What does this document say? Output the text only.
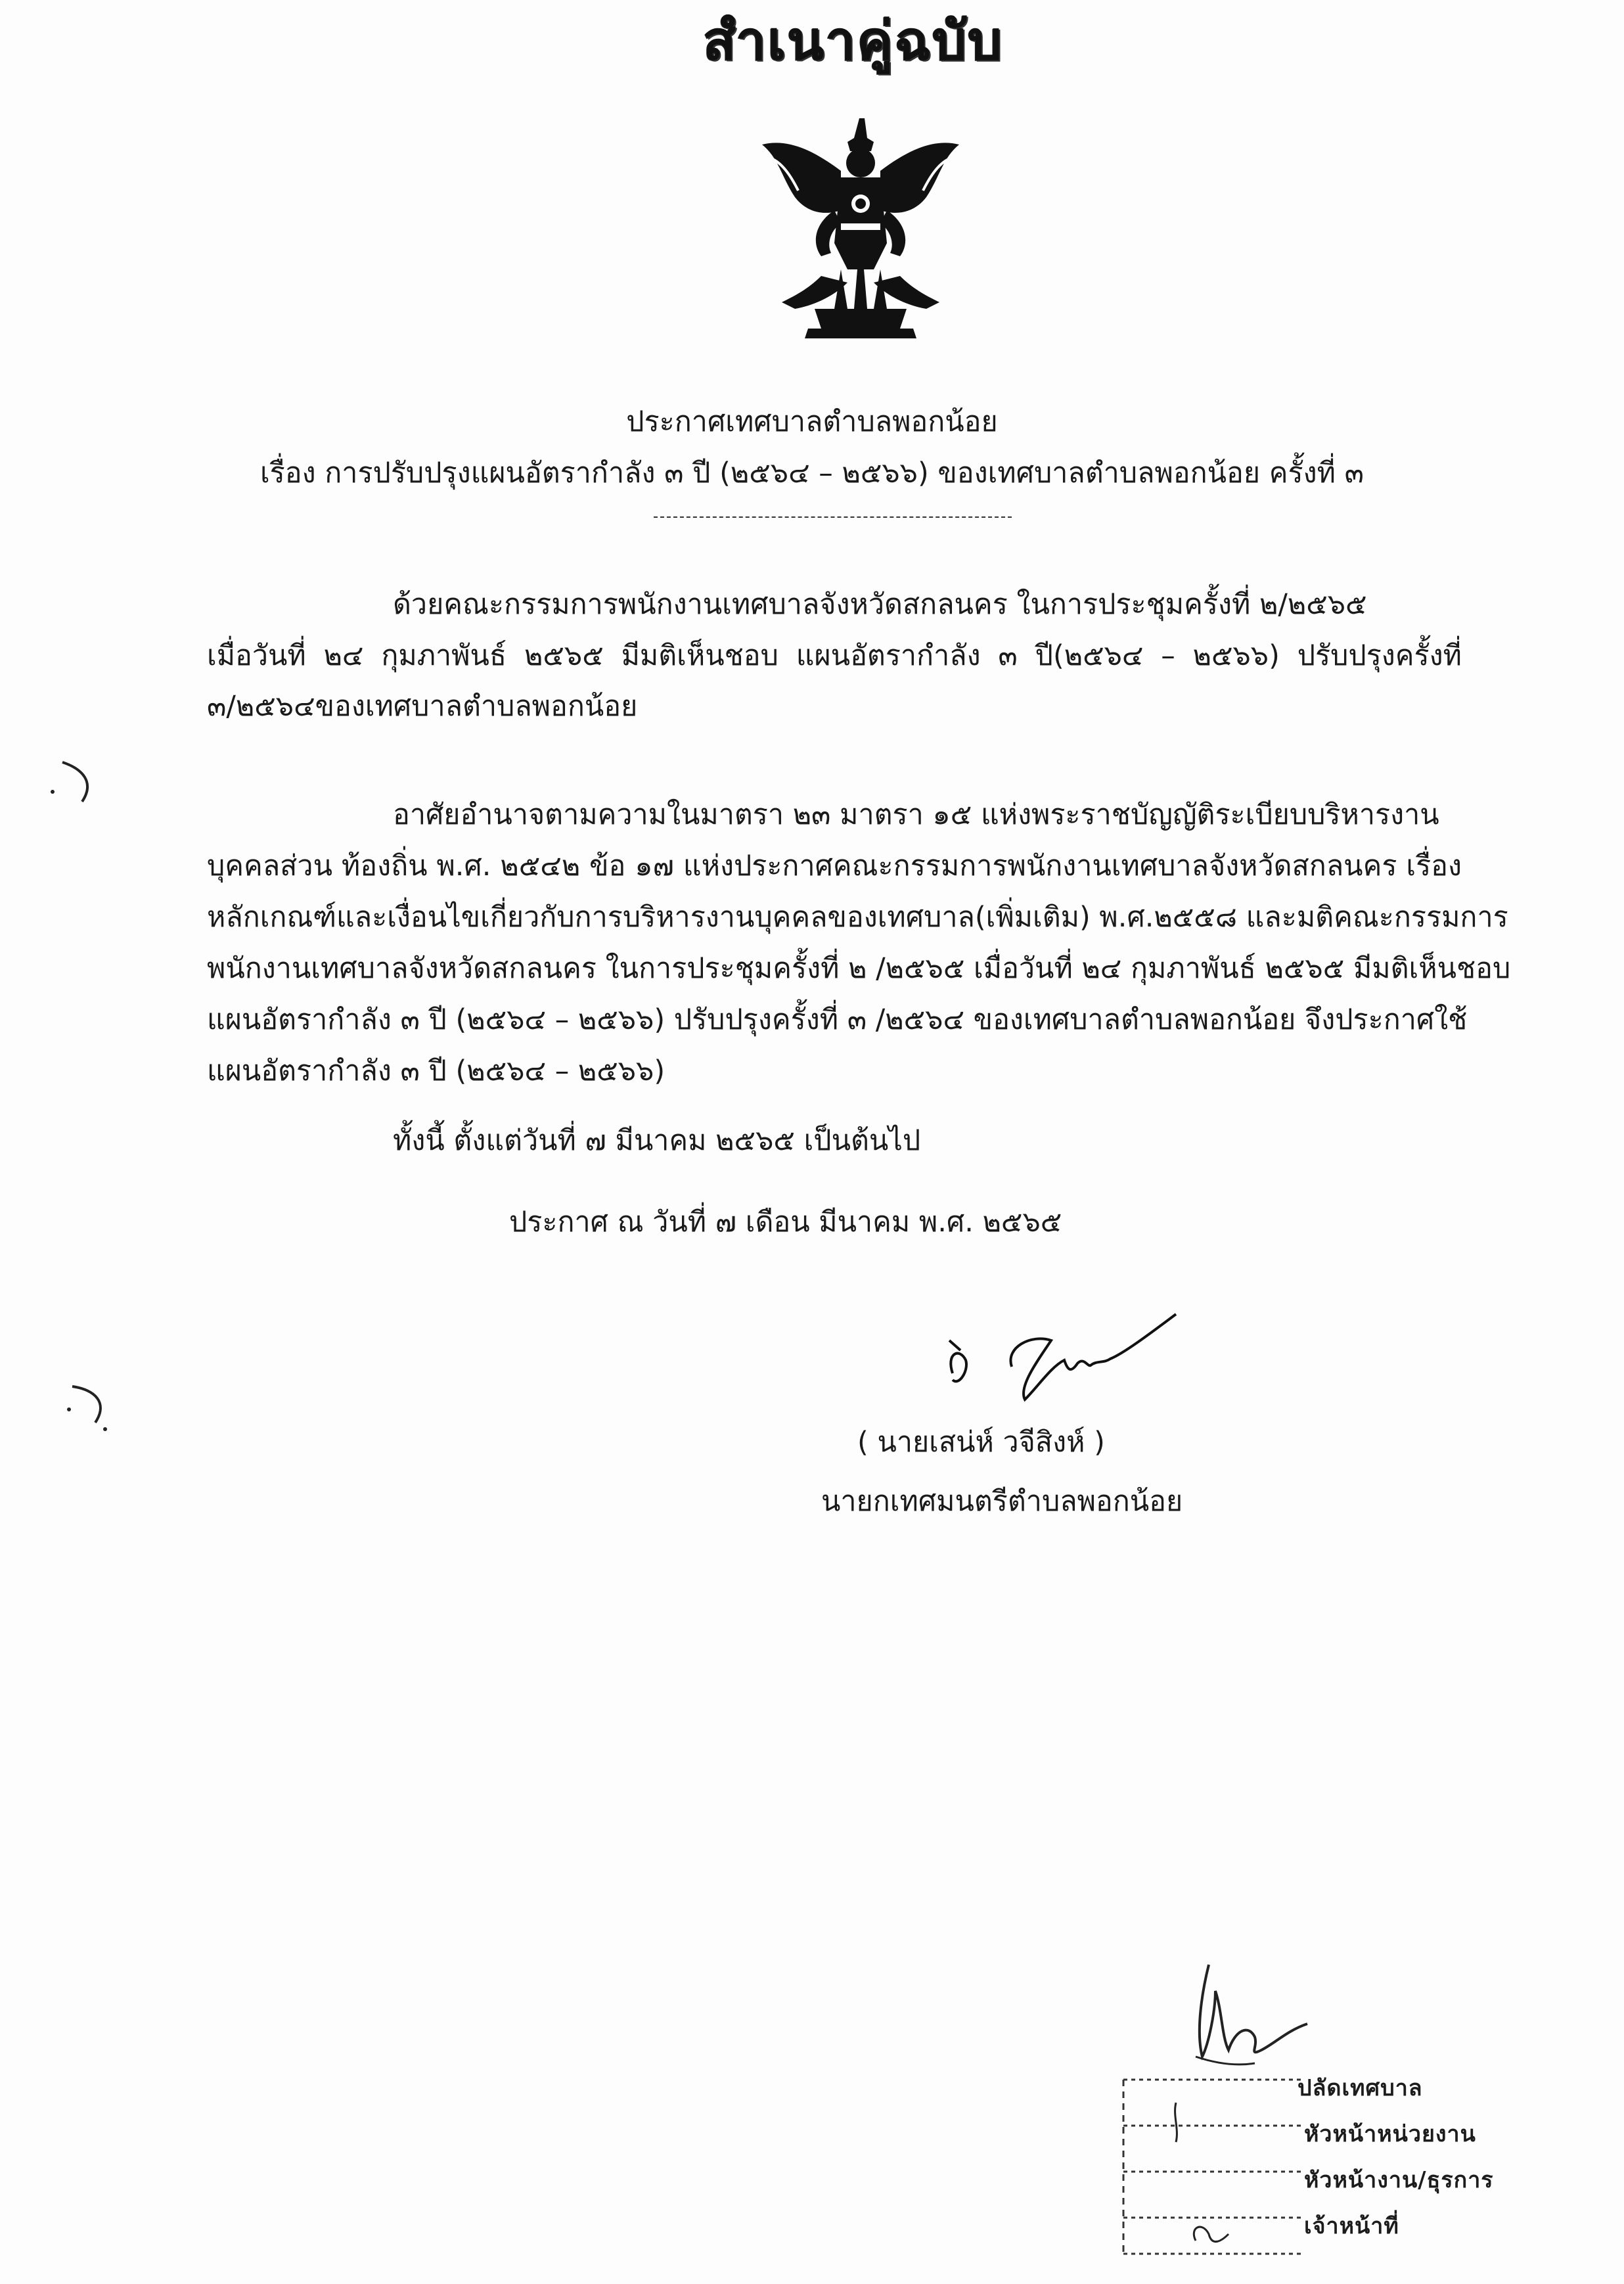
สำเนาคู่ฉบับ
ประกาศเทศบาลตำบลพอกน้อย
เรื่อง การปรับปรุงแผนอัตรากำลัง ๓ ปี (๒๕๖๔ – ๒๕๖๖) ของเทศบาลตำบลพอกน้อย ครั้งที่ ๓
ด้วยคณะกรรมการพนักงานเทศบาลจังหวัดสกลนคร ในการประชุมครั้งที่ ๒/๒๕๖๕
เมื่อวันที่ ๒๔ กุมภาพันธ์ ๒๕๖๕ มีมติเห็นชอบ แผนอัตรากำลัง ๓ ปี(๒๕๖๔ – ๒๕๖๖) ปรับปรุงครั้งที่
๓/๒๕๖๔ของเทศบาลตำบลพอกน้อย
อาศัยอำนาจตามความในมาตรา ๒๓ มาตรา ๑๕ แห่งพระราชบัญญัติระเบียบบริหารงาน
บุคคลส่วน ท้องถิ่น พ.ศ. ๒๕๔๒ ข้อ ๑๗ แห่งประกาศคณะกรรมการพนักงานเทศบาลจังหวัดสกลนคร เรื่อง
หลักเกณฑ์และเงื่อนไขเกี่ยวกับการบริหารงานบุคคลของเทศบาล(เพิ่มเติม) พ.ศ.๒๕๕๘ และมติคณะกรรมการ
พนักงานเทศบาลจังหวัดสกลนคร ในการประชุมครั้งที่ ๒ /๒๕๖๕ เมื่อวันที่ ๒๔ กุมภาพันธ์ ๒๕๖๕ มีมติเห็นชอบ
แผนอัตรากำลัง ๓ ปี (๒๕๖๔ – ๒๕๖๖) ปรับปรุงครั้งที่ ๓ /๒๕๖๔ ของเทศบาลตำบลพอกน้อย จึงประกาศใช้
แผนอัตรากำลัง ๓ ปี (๒๕๖๔ – ๒๕๖๖)
ทั้งนี้ ตั้งแต่วันที่ ๗ มีนาคม ๒๕๖๕ เป็นต้นไป
ประกาศ ณ วันที่ ๗ เดือน มีนาคม พ.ศ. ๒๕๖๕
( นายเสน่ห์ วจีสิงห์ )
นายกเทศมนตรีตำบลพอกน้อย
ปลัดเทศบาล
หัวหน้าหน่วยงาน
หัวหน้างาน/ธุรการ
เจ้าหน้าที่
